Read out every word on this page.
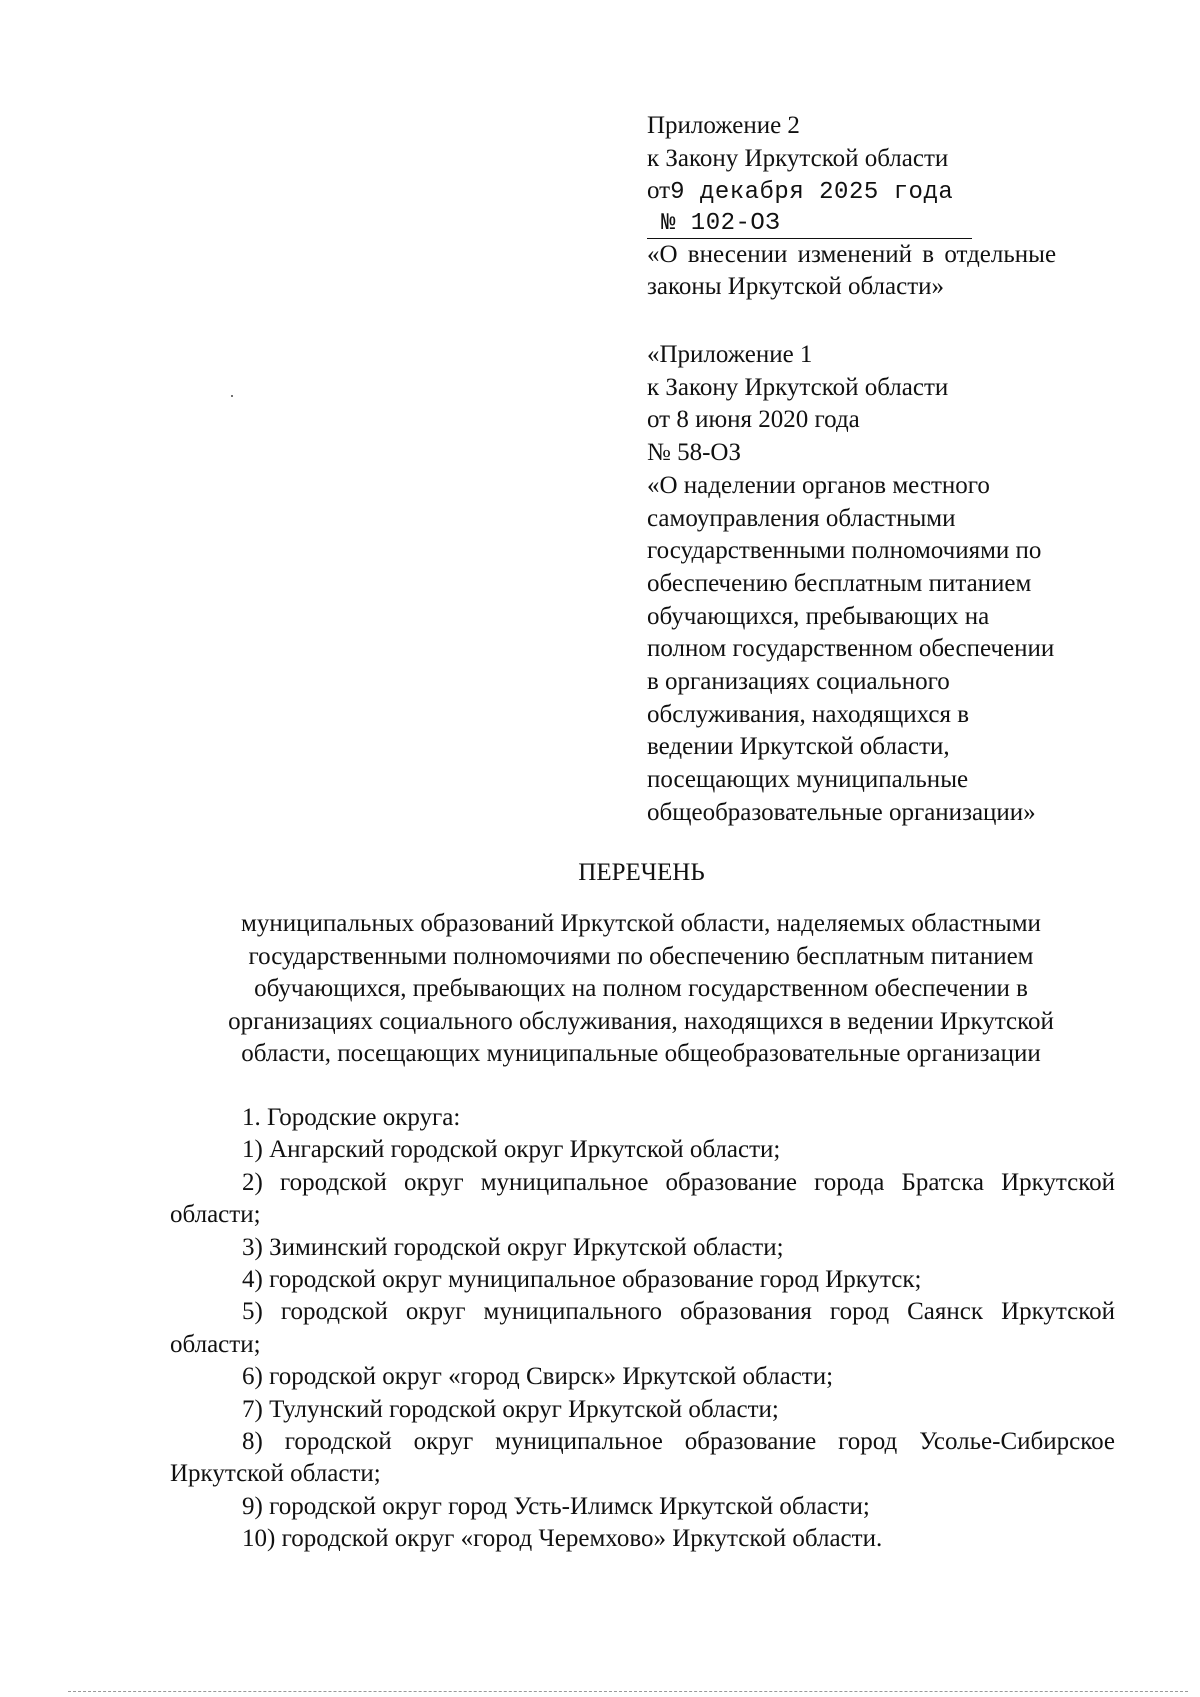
Приложение 2
к Закону Иркутской области
от9 декабря 2025 года
№ 102-ОЗ
«О внесении изменений в отдельные
законы Иркутской области»
«Приложение 1
к Закону Иркутской области
от 8 июня 2020 года
№ 58-ОЗ
«О наделении органов местного
самоуправления областными
государственными полномочиями по
обеспечению бесплатным питанием
обучающихся, пребывающих на
полном государственном обеспечении
в организациях социального
обслуживания, находящихся в
ведении Иркутской области,
посещающих муниципальные
общеобразовательные организации»
ПЕРЕЧЕНЬ
муниципальных образований Иркутской области, наделяемых областными
государственными полномочиями по обеспечению бесплатным питанием
обучающихся, пребывающих на полном государственном обеспечении в
организациях социального обслуживания, находящихся в ведении Иркутской
области, посещающих муниципальные общеобразовательные организации
1. Городские округа:
1) Ангарский городской округ Иркутской области;
2) городской округ муниципальное образование города Братска Иркутской области;
3) Зиминский городской округ Иркутской области;
4) городской округ муниципальное образование город Иркутск;
5) городской округ муниципального образования город Саянск Иркутской области;
6) городской округ «город Свирск» Иркутской области;
7) Тулунский городской округ Иркутской области;
8) городской округ муниципальное образование город Усолье-Сибирское Иркутской области;
9) городской округ город Усть-Илимск Иркутской области;
10) городской округ «город Черемхово» Иркутской области.
